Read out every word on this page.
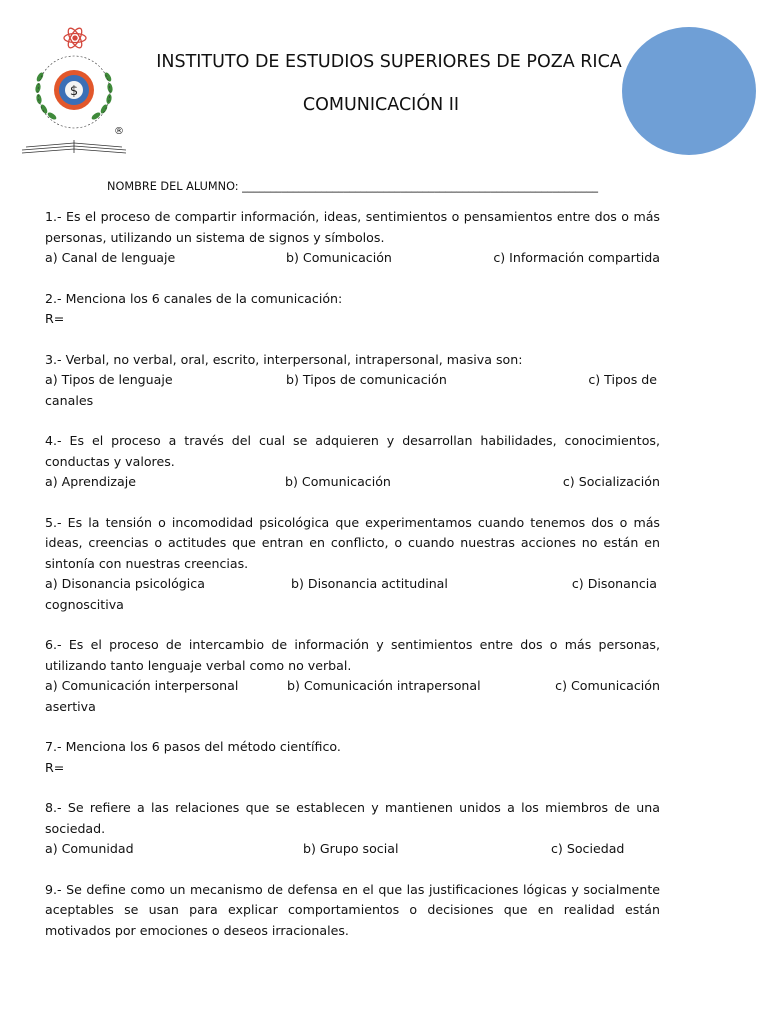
$
®
INSTITUTO DE ESTUDIOS SUPERIORES DE POZA RICA
COMUNICACIÓN II
NOMBRE DEL ALUMNO: _______________________________________________________________
1.- Es el proceso de compartir información, ideas, sentimientos o pensamientos entre dos o más personas, utilizando un sistema de signos y símbolos.
a) Canal de lenguaje	b) Comunicación	c) Información compartida
2.- Menciona los 6 canales de la comunicación:
R=
3.- Verbal, no verbal, oral, escrito, interpersonal, intrapersonal, masiva son:
a) Tipos de lenguaje	b) Tipos de comunicación	c) Tipos de
canales
4.- Es el proceso a través del cual se adquieren y desarrollan habilidades, conocimientos, conductas y valores.
a) Aprendizaje	b) Comunicación	c) Socialización
5.- Es la tensión o incomodidad psicológica que experimentamos cuando tenemos dos o más ideas, creencias o actitudes que entran en conflicto, o cuando nuestras acciones no están en sintonía con nuestras creencias.
a) Disonancia psicológica	b) Disonancia actitudinal	c) Disonancia
cognoscitiva
6.- Es el proceso de intercambio de información y sentimientos entre dos o más personas, utilizando tanto lenguaje verbal como no verbal.
a) Comunicación interpersonal	b) Comunicación intrapersonal	c) Comunicación
asertiva
7.- Menciona los 6 pasos del método científico.
R=
8.- Se refiere a las relaciones que se establecen y mantienen unidos a los miembros de una sociedad.
a) Comunidad	b) Grupo social	c) Sociedad
9.- Se define como un mecanismo de defensa en el que las justificaciones lógicas y socialmente aceptables se usan para explicar comportamientos o decisiones que en realidad están motivados por emociones o deseos irracionales.
